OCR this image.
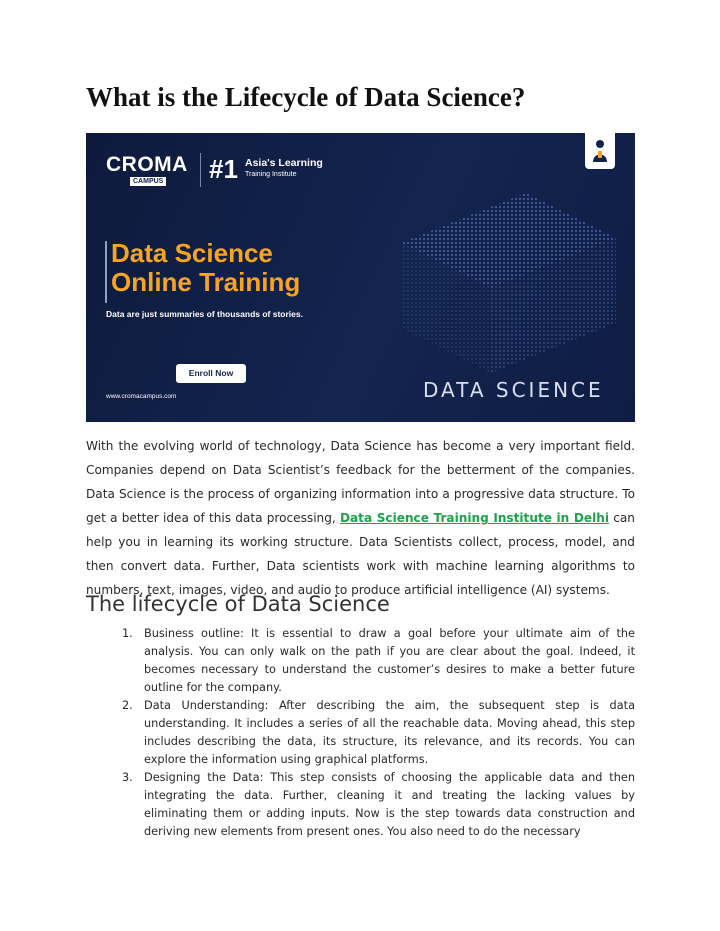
What is the Lifecycle of Data Science?
CROMA
CAMPUS #1 Asia's Learning
Training Institute
Data Science
Online Training
Data are just summaries of thousands of stories.
Enroll Now
www.cromacampus.com	DATA SCIENCE

With the evolving world of technology, Data Science has become a very important field. Companies depend on Data Scientist’s feedback for the betterment of the companies. Data Science is the process of organizing information into a progressive data structure. To get a better idea of this data processing, Data Science Training Institute in Delhi can help you in learning its working structure. Data Scientists collect, process, model, and then convert data. Further, Data scientists work with machine learning algorithms to numbers, text, images, video, and audio to produce artificial intelligence (AI) systems.

The lifecycle of Data Science
1. Business outline: It is essential to draw a goal before your ultimate aim of the analysis. You can only walk on the path if you are clear about the goal. Indeed, it becomes necessary to understand the customer’s desires to make a better future outline for the company.
2. Data Understanding: After describing the aim, the subsequent step is data understanding. It includes a series of all the reachable data. Moving ahead, this step includes describing the data, its structure, its relevance, and its records. You can explore the information using graphical platforms.
3. Designing the Data: This step consists of choosing the applicable data and then integrating the data. Further, cleaning it and treating the lacking values by eliminating them or adding inputs. Now is the step towards data construction and deriving new elements from present ones. You also need to do the necessary
